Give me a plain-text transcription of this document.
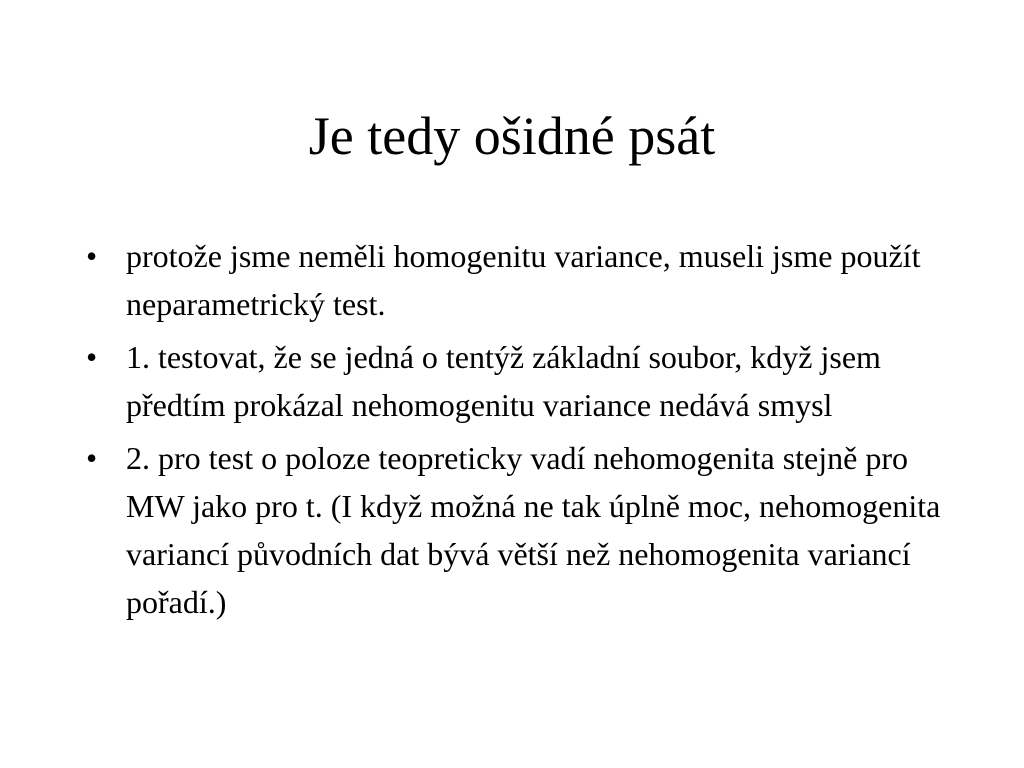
Je tedy ošidné psát
• protože jsme neměli homogenitu variance, museli jsme použít neparametrický test.
• 1. testovat, že se jedná o tentýž základní soubor, když jsem předtím prokázal nehomogenitu variance nedává smysl
• 2. pro test o poloze teopreticky vadí nehomogenita stejně pro MW jako pro t. (I když možná ne tak úplně moc, nehomogenita variancí původních dat bývá větší než nehomogenita variancí pořadí.)
